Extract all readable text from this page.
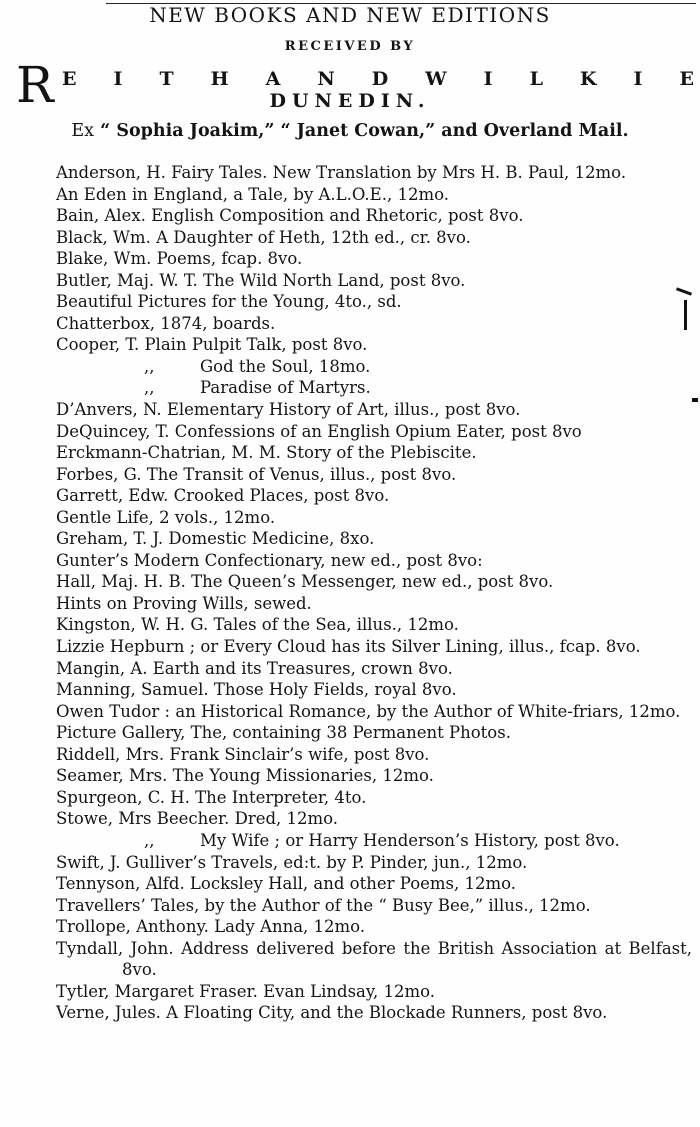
NEW BOOKS AND NEW EDITIONS
RECEIVED BY
R E I T H A N D W I L K I E
DUNEDIN.
Ex “ Sophia Joakim,” “ Janet Cowan,” and Overland Mail.
Anderson, H. Fairy Tales. New Translation by Mrs H. B. Paul, 12mo.
An Eden in England, a Tale, by A.L.O.E., 12mo.
Bain, Alex. English Composition and Rhetoric, post 8vo.
Black, Wm. A Daughter of Heth, 12th ed., cr. 8vo.
Blake, Wm. Poems, fcap. 8vo.
Butler, Maj. W. T. The Wild North Land, post 8vo.
Beautiful Pictures for the Young, 4to., sd.
Chatterbox, 1874, boards.
Cooper, T. Plain Pulpit Talk, post 8vo.
,,	God the Soul, 18mo.
,,	Paradise of Martyrs.
D’Anvers, N. Elementary History of Art, illus., post 8vo.
DeQuincey, T. Confessions of an English Opium Eater, post 8vo
Erckmann-Chatrian, M. M. Story of the Plebiscite.
Forbes, G. The Transit of Venus, illus., post 8vo.
Garrett, Edw. Crooked Places, post 8vo.
Gentle Life, 2 vols., 12mo.
Greham, T. J. Domestic Medicine, 8xo.
Gunter’s Modern Confectionary, new ed., post 8vo:
Hall, Maj. H. B. The Queen’s Messenger, new ed., post 8vo.
Hints on Proving Wills, sewed.
Kingston, W. H. G. Tales of the Sea, illus., 12mo.
Lizzie Hepburn ; or Every Cloud has its Silver Lining, illus., fcap. 8vo.
Mangin, A. Earth and its Treasures, crown 8vo.
Manning, Samuel. Those Holy Fields, royal 8vo.
Owen Tudor : an Historical Romance, by the Author of White-friars, 12mo.
Picture Gallery, The, containing 38 Permanent Photos.
Riddell, Mrs. Frank Sinclair’s wife, post 8vo.
Seamer, Mrs. The Young Missionaries, 12mo.
Spurgeon, C. H. The Interpreter, 4to.
Stowe, Mrs Beecher. Dred, 12mo.
,,	My Wife ; or Harry Henderson’s History, post 8vo.
Swift, J. Gulliver’s Travels, ed:t. by P. Pinder, jun., 12mo.
Tennyson, Alfd. Locksley Hall, and other Poems, 12mo.
Travellers’ Tales, by the Author of the “ Busy Bee,” illus., 12mo.
Trollope, Anthony. Lady Anna, 12mo.
Tyndall, John. Address delivered before the British Association at Belfast, 8vo.
Tytler, Margaret Fraser. Evan Lindsay, 12mo.
Verne, Jules. A Floating City, and the Blockade Runners, post 8vo.
